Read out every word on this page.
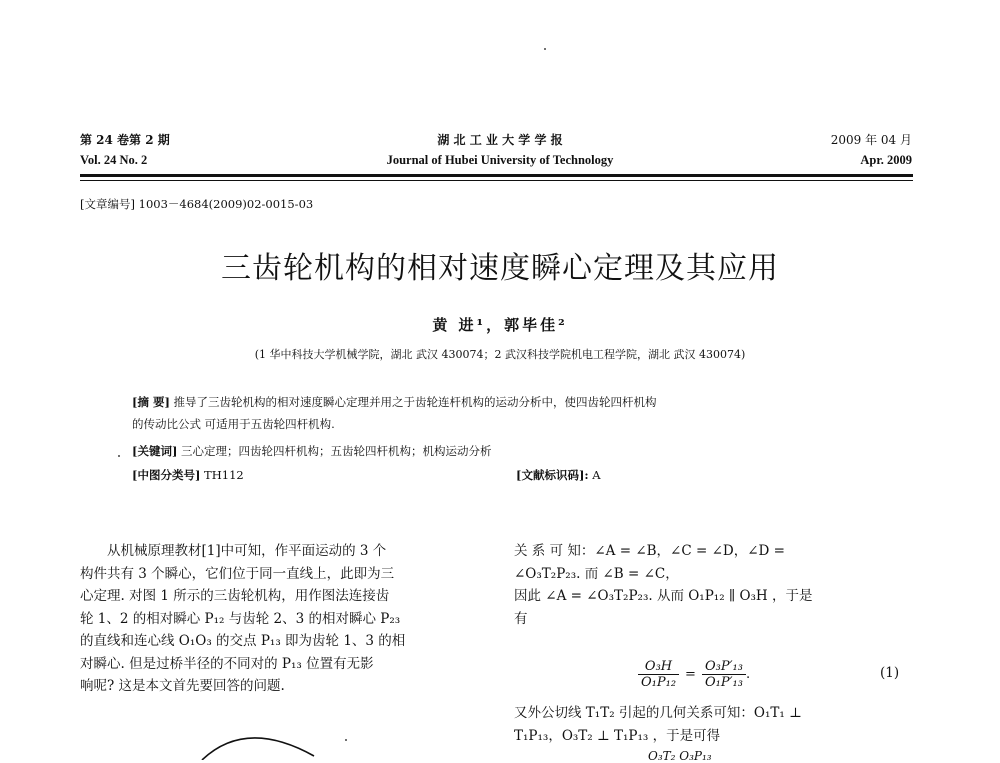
第 24 卷第 2 期
Vol. 24 No. 2
湖 北 工 业 大 学 学 报
Journal of Hubei University of Technology
2009 年 04 月
Apr. 2009
[文章编号] 1003－4684(2009)02-0015-03
三齿轮机构的相对速度瞬心定理及其应用
黄 进¹，郭毕佳²
(1 华中科技大学机械学院，湖北 武汉 430074；2 武汉科技学院机电工程学院，湖北 武汉 430074)
[摘 要] 推导了三齿轮机构的相对速度瞬心定理并用之于齿轮连杆机构的运动分析中，使四齿轮四杆机构
的传动比公式 可适用于五齿轮四杆机构.
[关键词] 三心定理；四齿轮四杆机构；五齿轮四杆机构；机构运动分析
[中图分类号] TH112	[文献标识码]: A
从机械原理教材[1]中可知，作平面运动的 3 个
构件共有 3 个瞬心，它们位于同一直线上，此即为三
心定理. 对图 1 所示的三齿轮机构，用作图法连接齿
轮 1、2 的相对瞬心 P₁₂ 与齿轮 2、3 的相对瞬心 P₂₃
的直线和连心线 O₁O₃ 的交点 P₁₃ 即为齿轮 1、3 的相
对瞬心. 但是过桥半径的不同对的 P₁₃ 位置有无影
响呢? 这是本文首先要回答的问题.
关 系 可 知：∠A = ∠B，∠C = ∠D，∠D =
∠O₃T₂P₂₃. 而 ∠B = ∠C，
因此 ∠A = ∠O₃T₂P₂₃. 从而 O₁P₁₂ ∥ O₃H ，于是
有
$\frac{\text{O₃H}}{\text{O₁P₁₂}} = \frac{\text{O₃P′₁₃}}{\text{O₁P′₁₃}}$ .	(1)
又外公切线 T₁T₂ 引起的几何关系可知：O₁T₁ ⊥
T₁P₁₃，O₃T₂ ⊥ T₁P₁₃ ，于是可得
O₃T₂ O₃P₁₃
